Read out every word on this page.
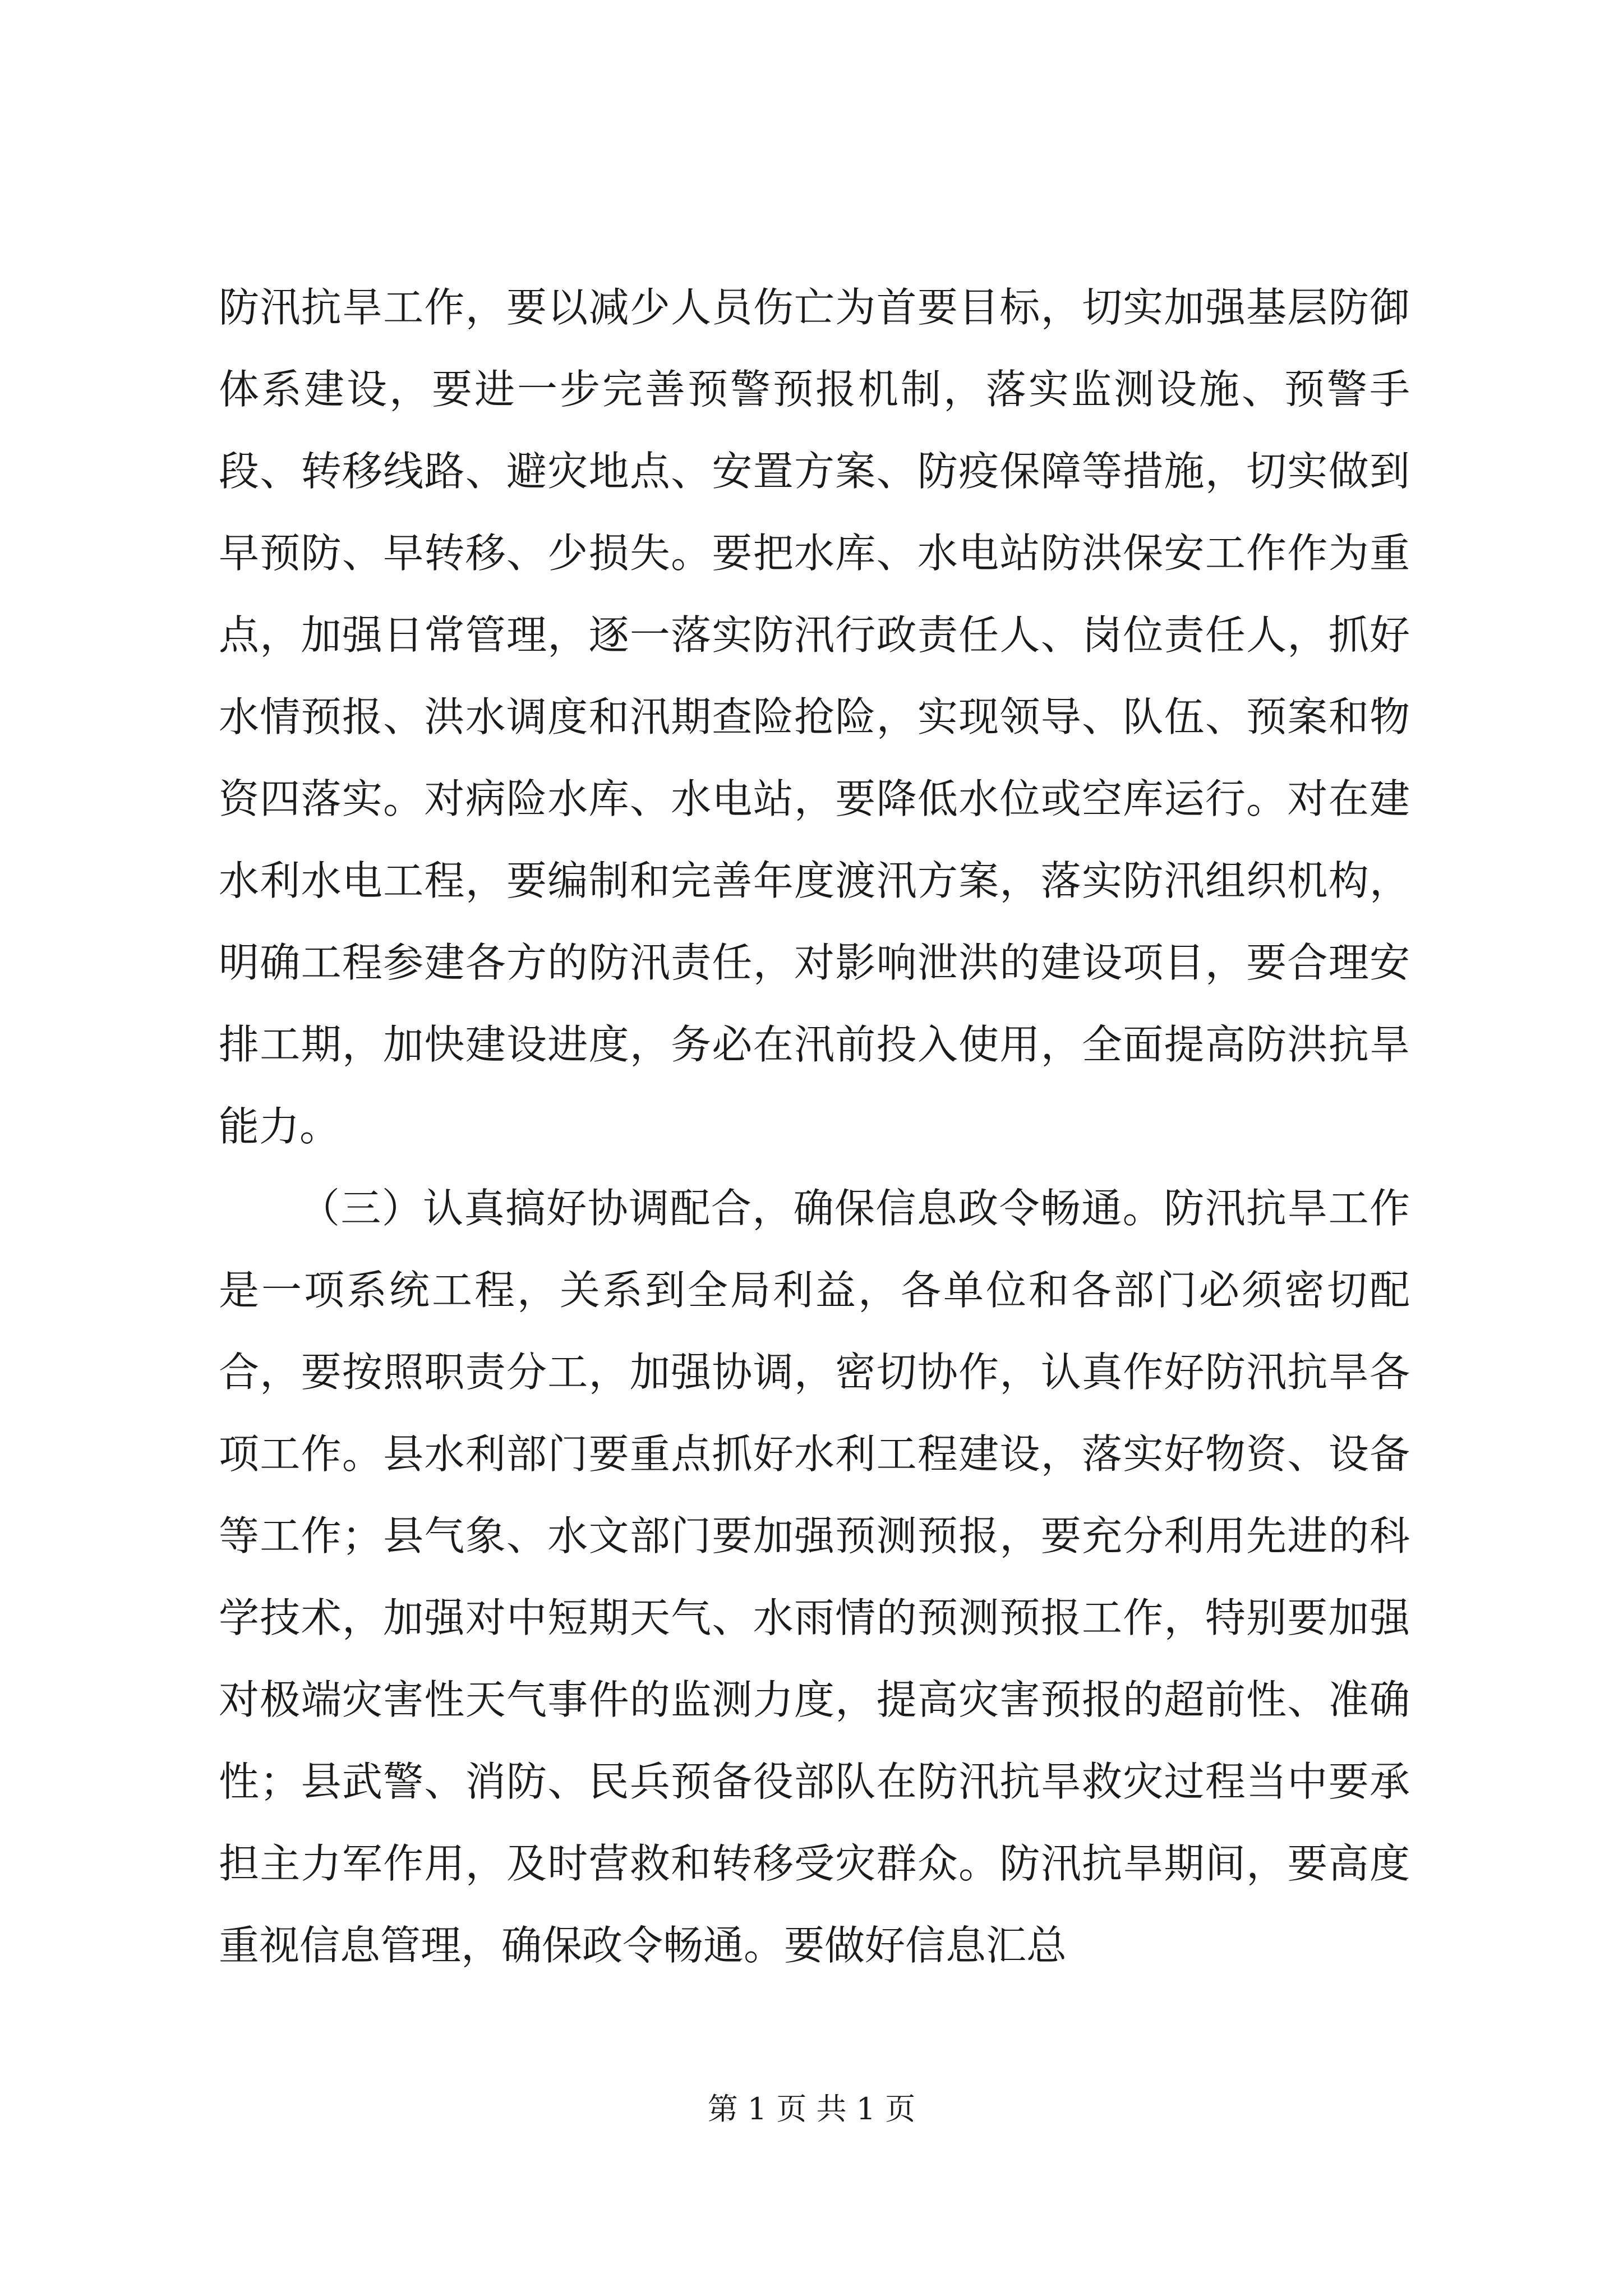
防汛抗旱工作，要以减少人员伤亡为首要目标，切实加强基层防御体系建设，要进一步完善预警预报机制，落实监测设施、预警手段、转移线路、避灾地点、安置方案、防疫保障等措施，切实做到早预防、早转移、少损失。要把水库、水电站防洪保安工作作为重点，加强日常管理，逐一落实防汛行政责任人、岗位责任人，抓好水情预报、洪水调度和汛期查险抢险，实现领导、队伍、预案和物资四落实。对病险水库、水电站，要降低水位或空库运行。对在建水利水电工程，要编制和完善年度渡汛方案，落实防汛组织机构，明确工程参建各方的防汛责任，对影响泄洪的建设项目，要合理安排工期，加快建设进度，务必在汛前投入使用，全面提高防洪抗旱能力。

（三）认真搞好协调配合，确保信息政令畅通。防汛抗旱工作是一项系统工程，关系到全局利益，各单位和各部门必须密切配合，要按照职责分工，加强协调，密切协作，认真作好防汛抗旱各项工作。县水利部门要重点抓好水利工程建设，落实好物资、设备等工作；县气象、水文部门要加强预测预报，要充分利用先进的科学技术，加强对中短期天气、水雨情的预测预报工作，特别要加强对极端灾害性天气事件的监测力度，提高灾害预报的超前性、准确性；县武警、消防、民兵预备役部队在防汛抗旱救灾过程当中要承担主力军作用，及时营救和转移受灾群众。防汛抗旱期间，要高度重视信息管理，确保政令畅通。要做好信息汇总

第 1 页 共 1 页
